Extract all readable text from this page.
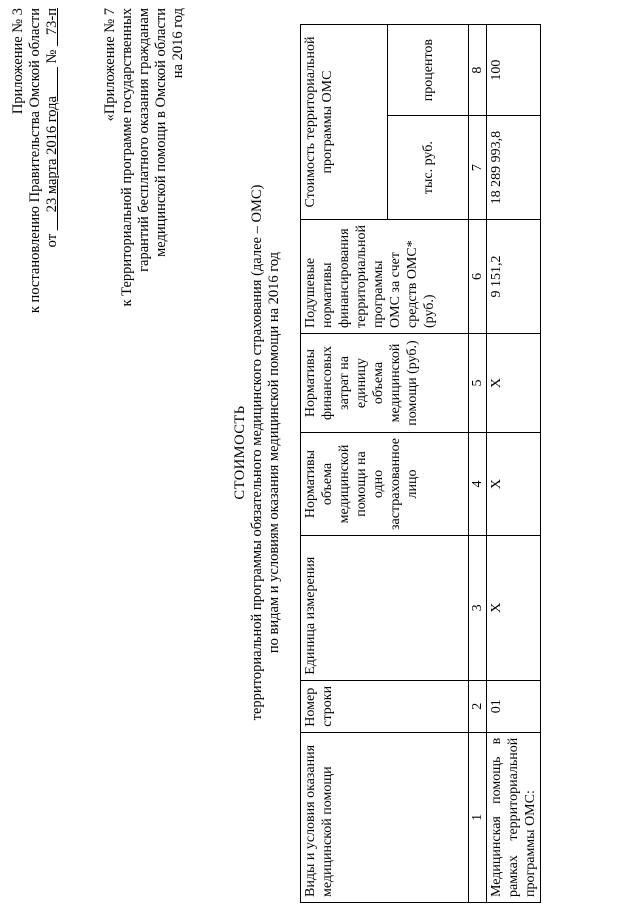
Приложение № 3 к постановлению Правительства Омской области от      23 марта 2016 года         №    73-п	«Приложение № 7 к Территориальной программе государственных гарантий бесплатного оказания гражданам медицинской помощи в Омской области на 2016 год
СТОИМОСТЬ территориальной программы обязательного медицинского страхования (далее – ОМС) по видам и условиям оказания медицинской помощи на 2016 год
Виды и условия оказания медицинской помощи	Номер строки	Единица измерения	Нормативы объема медицинской помощи на одно застрахованное лицо	Нормативы финансовых затрат на единицу объема медицинской помощи (руб.)	Подушевые нормативы финансирования территориальной программы ОМС за счет средств ОМС* (руб.)	Стоимость территориальной программы ОМС	
						тыс. руб.	процентов
1	2	3	4	5	6	7	8
Медицинская помощь в рамках территориальной программы ОМС:	01	Х	Х	Х	9 151,2	18 289 993,8	100
